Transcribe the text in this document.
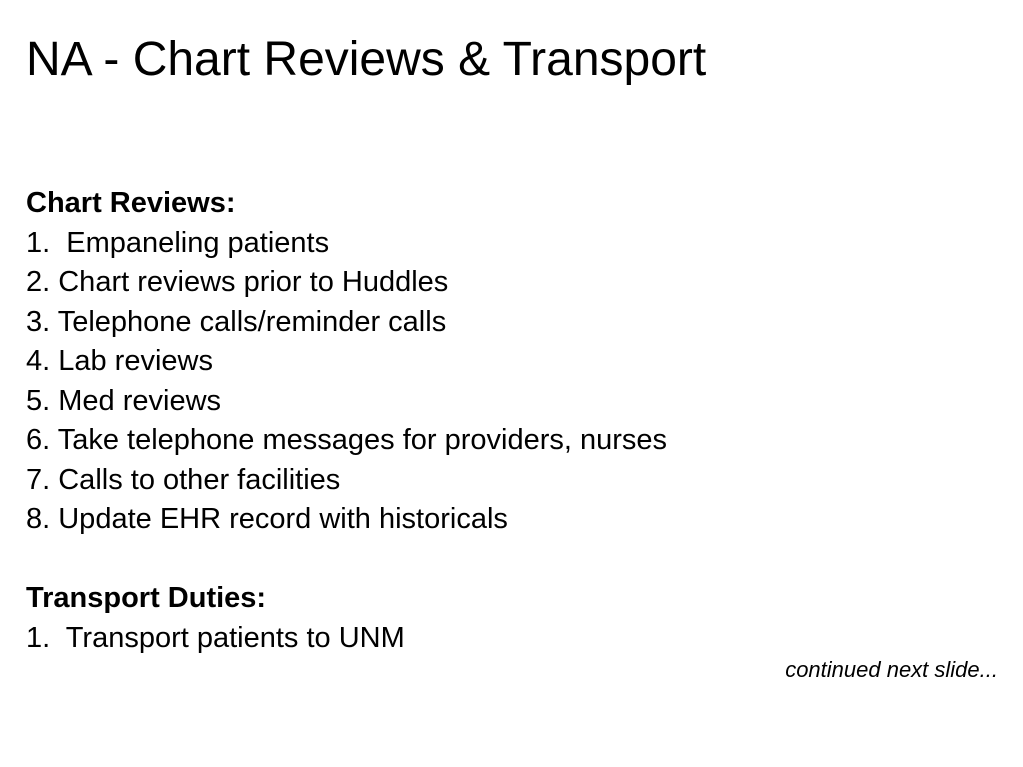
NA - Chart Reviews & Transport

Chart Reviews:

1.  Empaneling patients
2. Chart reviews prior to Huddles
3. Telephone calls/reminder calls
4. Lab reviews
5. Med reviews
6. Take telephone messages for providers, nurses
7. Calls to other facilities
8. Update EHR record with historicals

Transport Duties:

1.  Transport patients to UNM
continued next slide...
